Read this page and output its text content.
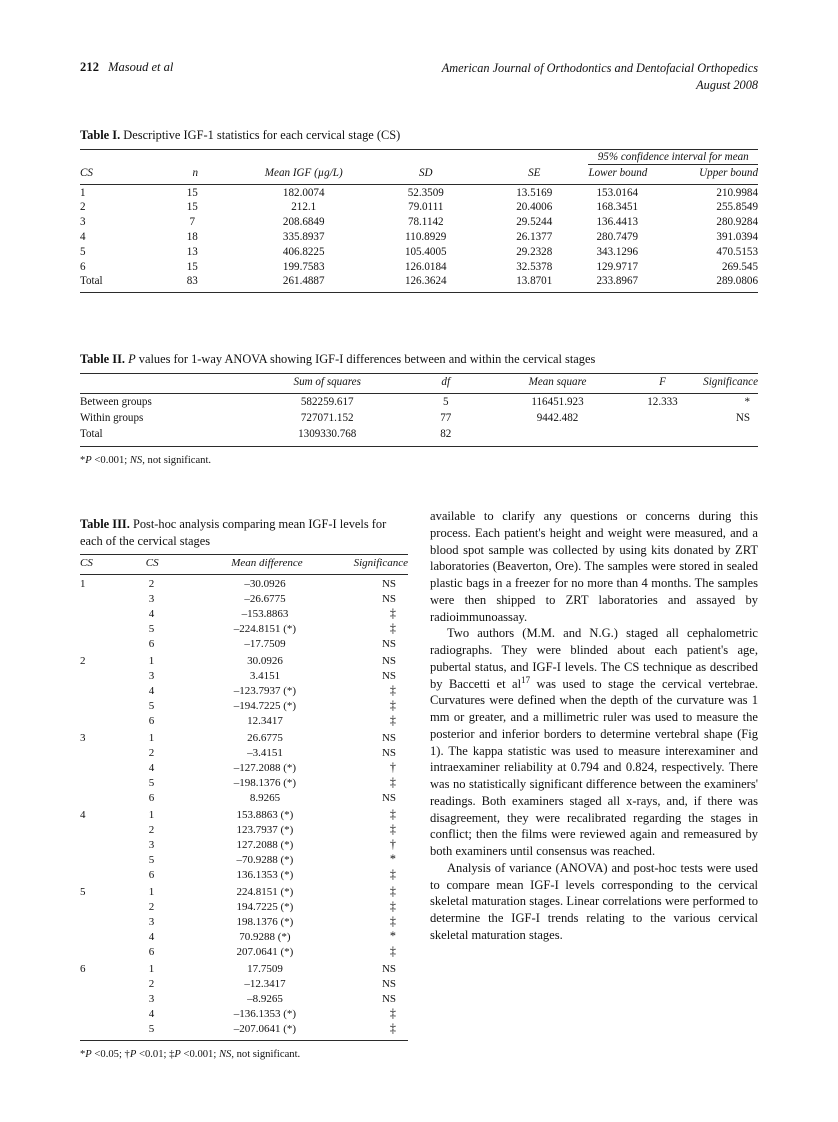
212 Masoud et al	American Journal of Orthodontics and Dentofacial Orthopedics
August 2008
Table I. Descriptive IGF-1 statistics for each cervical stage (CS)
					95% confidence interval for mean	
CS	n	Mean IGF (µg/L)	SD	SE	Lower bound	Upper bound
1	15	182.0074	52.3509	13.5169	153.0164	210.9984
2	15	212.1	79.0111	20.4006	168.3451	255.8549
3	7	208.6849	78.1142	29.5244	136.4413	280.9284
4	18	335.8937	110.8929	26.1377	280.7479	391.0394
5	13	406.8225	105.4005	29.2328	343.1296	470.5153
6	15	199.7583	126.0184	32.5378	129.9717	269.545
Total	83	261.4887	126.3624	13.8701	233.8967	289.0806
Table II. P values for 1-way ANOVA showing IGF-I differences between and within the cervical stages
	Sum of squares	df	Mean square	F	Significance
Between groups	582259.617	5	116451.923	12.333	*
Within groups	727071.152	77	9442.482		NS
Total	1309330.768	82			
*P <0.001; NS, not significant.
Table III. Post-hoc analysis comparing mean IGF-I levels for each of the cervical stages
CS	CS	Mean difference	Significance
1	2	–30.0926	NS
	3	–26.6775	NS
	4	–153.8863	‡
	5	–224.8151 (*)	‡
	6	–17.7509	NS
2	1	30.0926	NS
	3	3.4151	NS
	4	–123.7937 (*)	‡
	5	–194.7225 (*)	‡
	6	12.3417	‡
3	1	26.6775	NS
	2	–3.4151	NS
	4	–127.2088 (*)	†
	5	–198.1376 (*)	‡
	6	8.9265	NS
4	1	153.8863 (*)	‡
	2	123.7937 (*)	‡
	3	127.2088 (*)	†
	5	–70.9288 (*)	*
	6	136.1353 (*)	‡
5	1	224.8151 (*)	‡
	2	194.7225 (*)	‡
	3	198.1376 (*)	‡
	4	70.9288 (*)	*
	6	207.0641 (*)	‡
6	1	17.7509	NS
	2	–12.3417	NS
	3	–8.9265	NS
	4	–136.1353 (*)	‡
	5	–207.0641 (*)	‡
*P <0.05; †P <0.01; ‡P <0.001; NS, not significant.

available to clarify any questions or concerns during this process. Each patient's height and weight were measured, and a blood spot sample was collected by using kits donated by ZRT laboratories (Beaverton, Ore). The samples were stored in sealed plastic bags in a freezer for no more than 4 months. The samples were then shipped to ZRT laboratories and assayed by radioimmunoassay.

Two authors (M.M. and N.G.) staged all cephalometric radiographs. They were blinded about each patient's age, pubertal status, and IGF-I levels. The CS technique as described by Baccetti et $al^{17}$ was used to stage the cervical vertebrae. Curvatures were defined when the depth of the curvature was 1 mm or greater, and a millimetric ruler was used to measure the posterior and inferior borders to determine vertebral shape (Fig 1). The kappa statistic was used to measure interexaminer and intraexaminer reliability at 0.794 and 0.824, respectively. There was no statistically significant difference between the examiners' readings. Both examiners staged all x-rays, and, if there was disagreement, they were recalibrated regarding the stages in conflict; then the films were reviewed again and remeasured by both examiners until consensus was reached.

Analysis of variance (ANOVA) and post-hoc tests were used to compare mean IGF-I levels corresponding to the cervical skeletal maturation stages. Linear correlations were performed to determine the IGF-I trends relating to the various cervical skeletal maturation stages.
